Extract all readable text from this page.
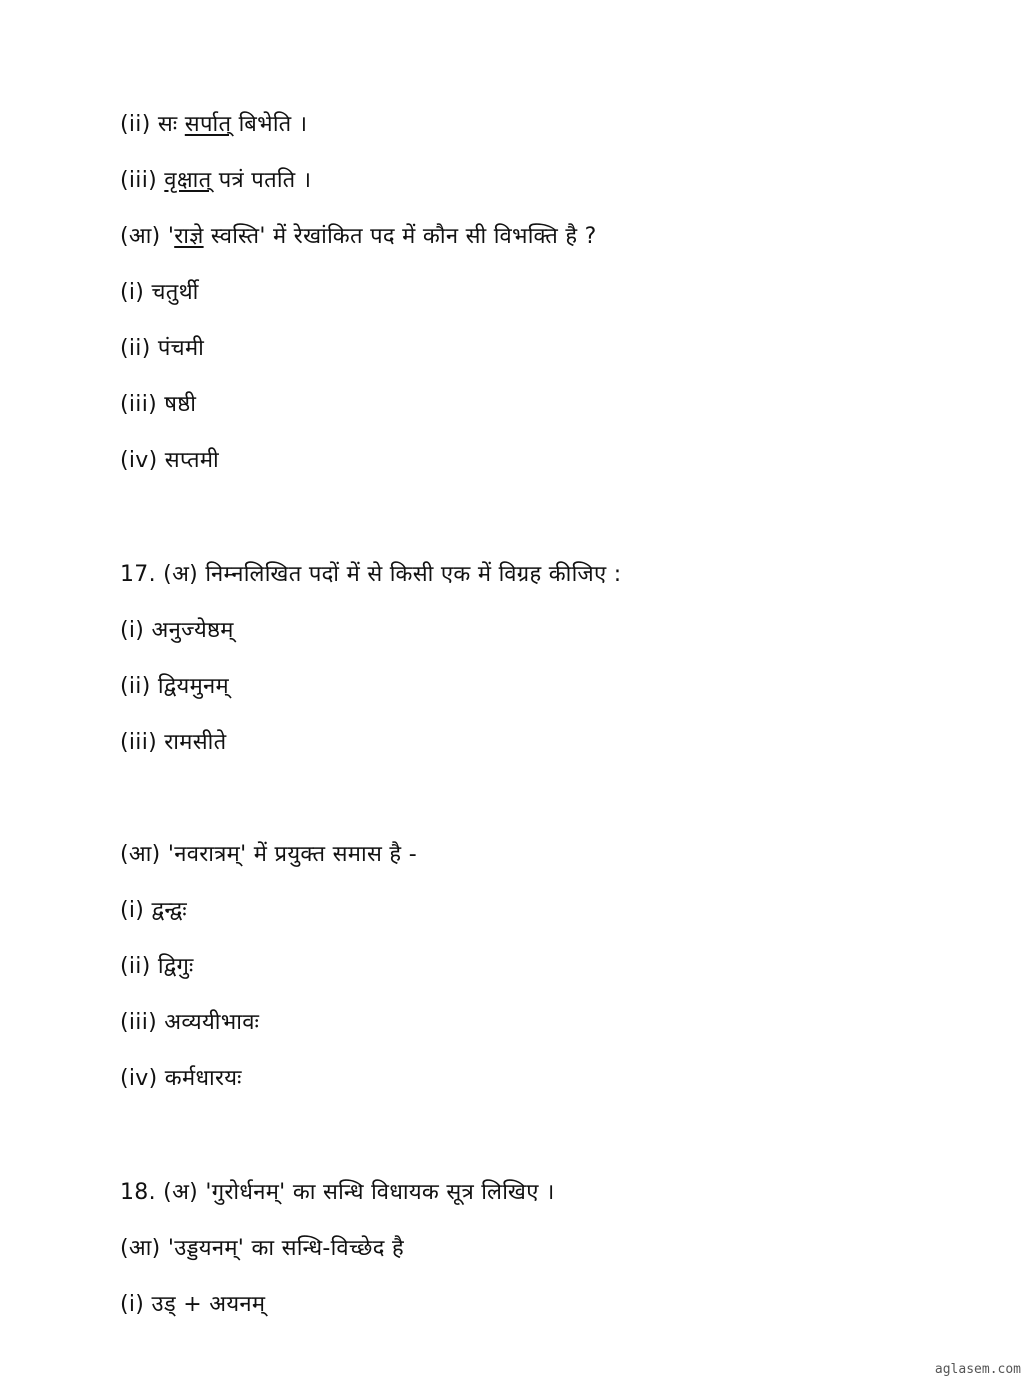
(ii) सः सर्पात् बिभेति ।
(iii) वृक्षात् पत्रं पतति ।
(आ) 'राज्ञे स्वस्ति' में रेखांकित पद में कौन सी विभक्ति है ?
(i) चतुर्थी
(ii) पंचमी
(iii) षष्ठी
(iv) सप्तमी
17. (अ) निम्नलिखित पदों में से किसी एक में विग्रह कीजिए :
(i) अनुज्येष्ठम्
(ii) द्वियमुनम्
(iii) रामसीते
(आ) 'नवरात्रम्' में प्रयुक्त समास है -
(i) द्वन्द्वः
(ii) द्विगुः
(iii) अव्ययीभावः
(iv) कर्मधारयः
18. (अ) 'गुरोर्धनम्' का सन्धि विधायक सूत्र लिखिए ।
(आ) 'उड्डयनम्' का सन्धि-विच्छेद है
(i) उड् + अयनम्
aglasem.com
